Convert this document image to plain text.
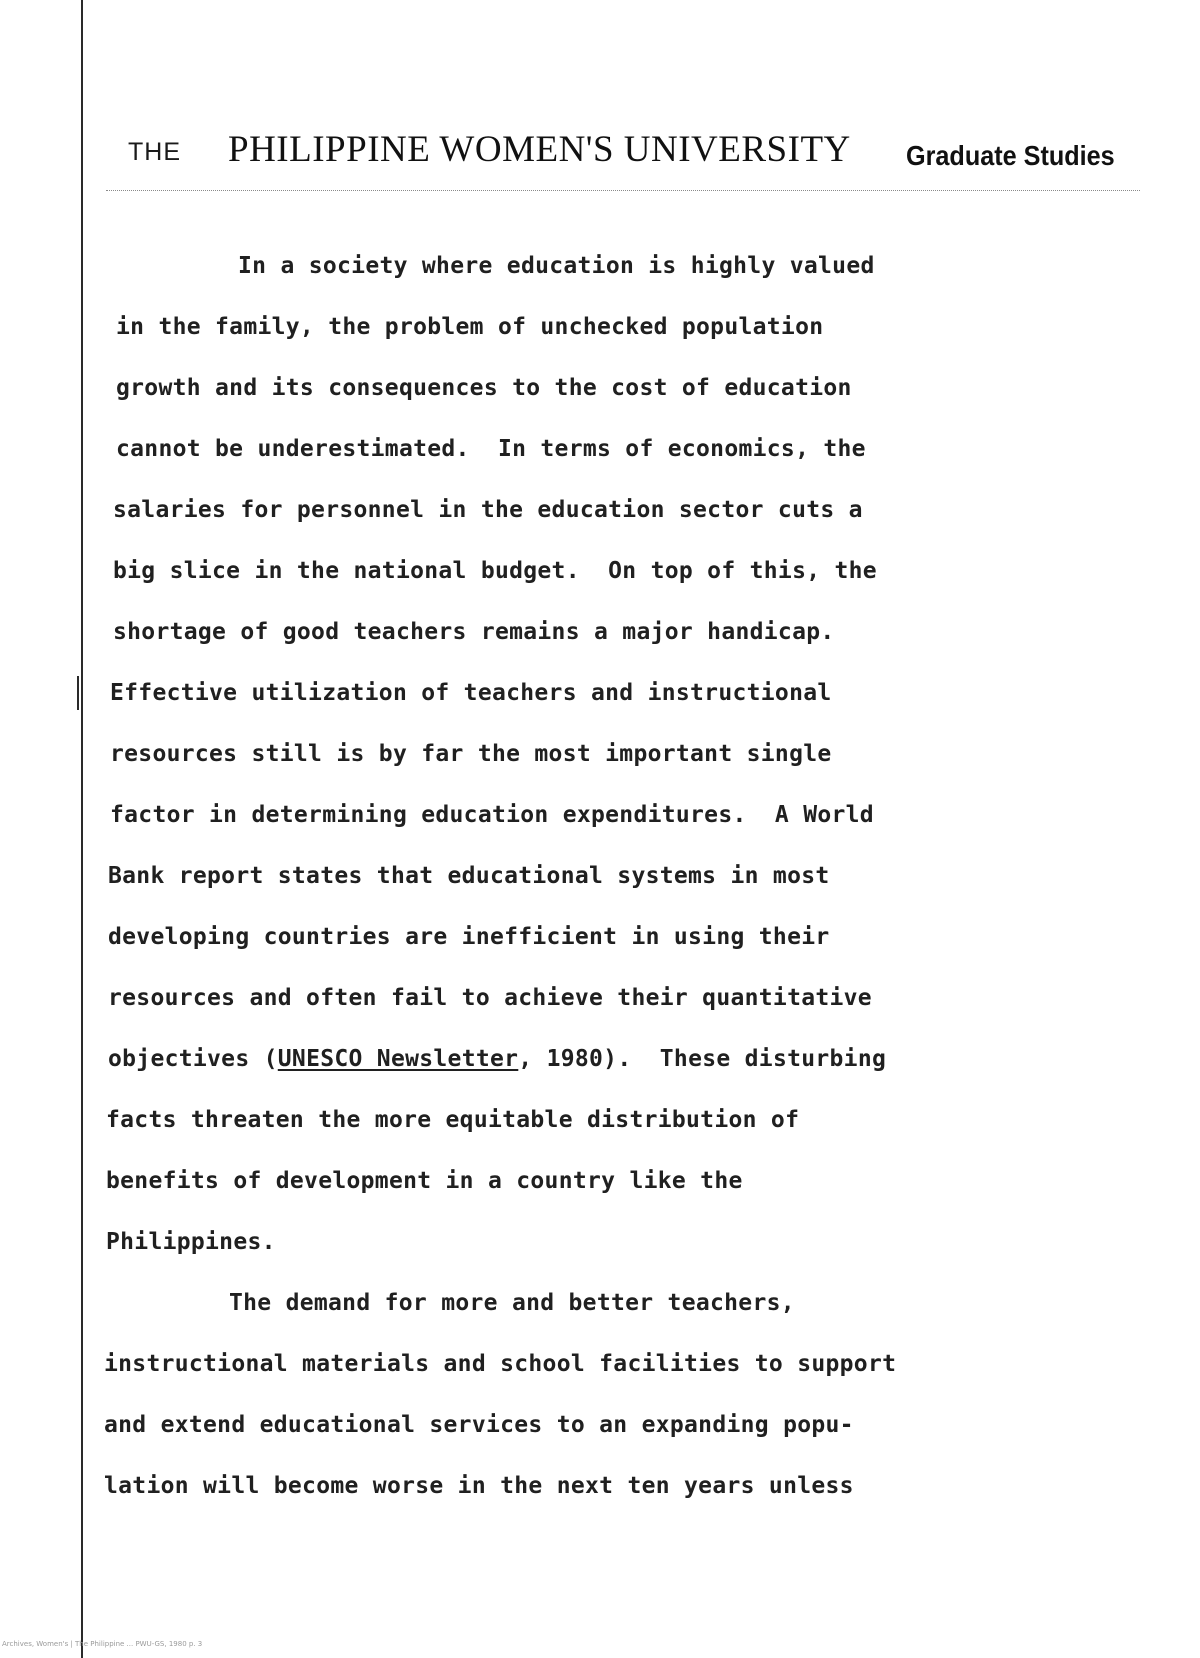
THE PHILIPPINE WOMEN'S UNIVERSITY Graduate Studies
In a society where education is highly valued
in the family, the problem of unchecked population
growth and its consequences to the cost of education
cannot be underestimated.  In terms of economics, the
salaries for personnel in the education sector cuts a
big slice in the national budget.  On top of this, the
shortage of good teachers remains a major handicap.
Effective utilization of teachers and instructional
resources still is by far the most important single
factor in determining education expenditures.  A World
Bank report states that educational systems in most
developing countries are inefficient in using their
resources and often fail to achieve their quantitative
objectives (UNESCO Newsletter, 1980).  These disturbing
facts threaten the more equitable distribution of
benefits of development in a country like the
Philippines.
The demand for more and better teachers,
instructional materials and school facilities to support
and extend educational services to an expanding popu-
lation will become worse in the next ten years unless
Archives, Women's | The Philippine ... PWU-GS, 1980 p. 3
